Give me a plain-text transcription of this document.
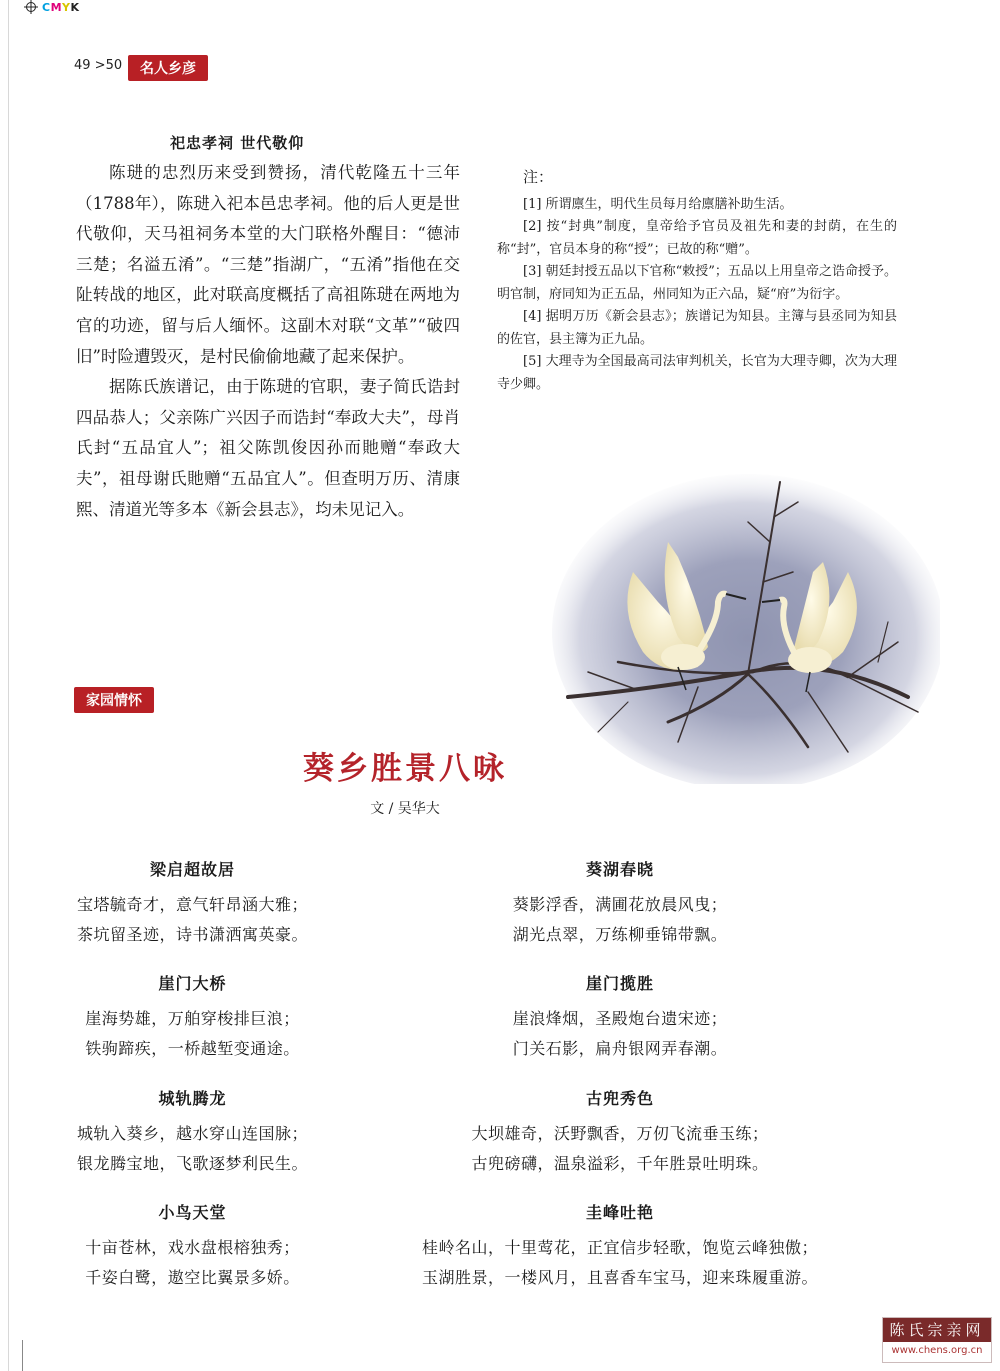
CMYK
49 >50	名人乡彦
祀忠孝祠 世代敬仰

陈琎的忠烈历来受到赞扬，清代乾隆五十三年（1788年），陈琎入祀本邑忠孝祠。他的后人更是世代敬仰，天马祖祠务本堂的大门联格外醒目：“德沛三楚；名溢五淆”。“三楚”指湖广，“五淆”指他在交阯转战的地区，此对联高度概括了高祖陈琎在两地为官的功迹，留与后人缅怀。这副木对联“文革”“破四旧”时险遭毁灭，是村民偷偷地藏了起来保护。

据陈氏族谱记，由于陈琎的官职，妻子简氏诰封四品恭人；父亲陈广兴因子而诰封“奉政大夫”，母肖氏封“五品宜人”；祖父陈凯俊因孙而貤赠“奉政大夫”，祖母谢氏貤赠“五品宜人”。但查明万历、清康熙、清道光等多本《新会县志》，均未见记入。

注：

[1] 所谓廪生，明代生员每月给廪膳补助生活。

[2] 按“封典”制度，皇帝给予官员及祖先和妻的封荫，在生的称“封”，官员本身的称“授”；已故的称“赠”。

[3] 朝廷封授五品以下官称“敕授”；五品以上用皇帝之诰命授予。明官制，府同知为正五品，州同知为正六品，疑“府”为衍字。

[4] 据明万历《新会县志》；族谱记为知县。主簿与县丞同为知县的佐官，县主簿为正九品。

[5] 大理寺为全国最高司法审判机关，长官为大理寺卿，次为大理寺少卿。

家园情怀
葵乡胜景八咏
文 / 吴华大
梁启超故居
宝塔毓奇才，意气轩昂涵大雅；
茶坑留圣迹，诗书潇洒寓英豪。
崖门大桥
崖海势雄，万舶穿梭排巨浪；
铁驹蹄疾，一桥越堑变通途。
城轨腾龙
城轨入葵乡，越水穿山连国脉；
银龙腾宝地，飞歌逐梦利民生。
小鸟天堂
十亩苍林，戏水盘根榕独秀；
千姿白鹭，遨空比翼景多娇。
葵湖春晓
葵影浮香，满圃花放晨风曳；
湖光点翠，万练柳垂锦带飘。
崖门揽胜
崖浪烽烟，圣殿炮台遗宋迹；
门关石影，扁舟银网弄春潮。
古兜秀色
大坝雄奇，沃野飘香，万仞飞流垂玉练；
古兜磅礴，温泉溢彩，千年胜景吐明珠。
圭峰吐艳
桂岭名山，十里莺花，正宜信步轻歌，饱览云峰独傲；
玉湖胜景，一楼风月，且喜香车宝马，迎来珠履重游。
陈氏宗亲网
www.chens.org.cn
